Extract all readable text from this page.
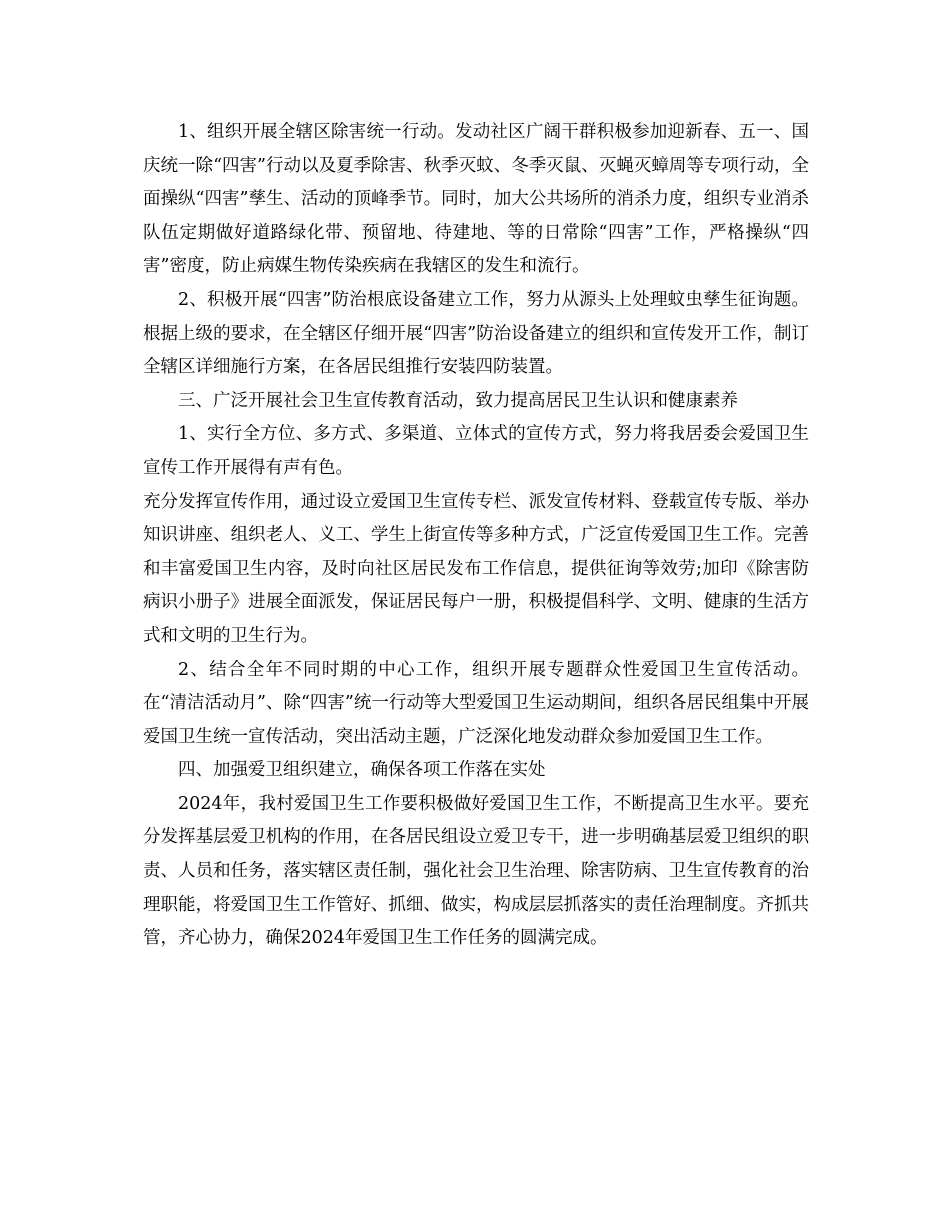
1、组织开展全辖区除害统一行动。发动社区广阔干群积极参加迎新春、五一、国庆统一除“四害”行动以及夏季除害、秋季灭蚊、冬季灭鼠、灭蝇灭蟑周等专项行动，全面操纵“四害”孳生、活动的顶峰季节。同时，加大公共场所的消杀力度，组织专业消杀队伍定期做好道路绿化带、预留地、待建地、等的日常除“四害”工作，严格操纵“四害”密度，防止病媒生物传染疾病在我辖区的发生和流行。

2、积极开展“四害”防治根底设备建立工作，努力从源头上处理蚊虫孳生征询题。根据上级的要求，在全辖区仔细开展“四害”防治设备建立的组织和宣传发开工作，制订全辖区详细施行方案，在各居民组推行安装四防装置。

三、广泛开展社会卫生宣传教育活动，致力提高居民卫生认识和健康素养

1、实行全方位、多方式、多渠道、立体式的宣传方式，努力将我居委会爱国卫生宣传工作开展得有声有色。

充分发挥宣传作用，通过设立爱国卫生宣传专栏、派发宣传材料、登载宣传专版、举办知识讲座、组织老人、义工、学生上街宣传等多种方式，广泛宣传爱国卫生工作。完善和丰富爱国卫生内容，及时向社区居民发布工作信息，提供征询等效劳;加印《除害防病识小册子》进展全面派发，保证居民每户一册，积极提倡科学、文明、健康的生活方式和文明的卫生行为。

2、结合全年不同时期的中心工作，组织开展专题群众性爱国卫生宣传活动。在“清洁活动月”、除“四害”统一行动等大型爱国卫生运动期间，组织各居民组集中开展爱国卫生统一宣传活动，突出活动主题，广泛深化地发动群众参加爱国卫生工作。

四、加强爱卫组织建立，确保各项工作落在实处

2024年，我村爱国卫生工作要积极做好爱国卫生工作，不断提高卫生水平。要充分发挥基层爱卫机构的作用，在各居民组设立爱卫专干，进一步明确基层爱卫组织的职责、人员和任务，落实辖区责任制，强化社会卫生治理、除害防病、卫生宣传教育的治理职能，将爱国卫生工作管好、抓细、做实，构成层层抓落实的责任治理制度。齐抓共管，齐心协力，确保2024年爱国卫生工作任务的圆满完成。
